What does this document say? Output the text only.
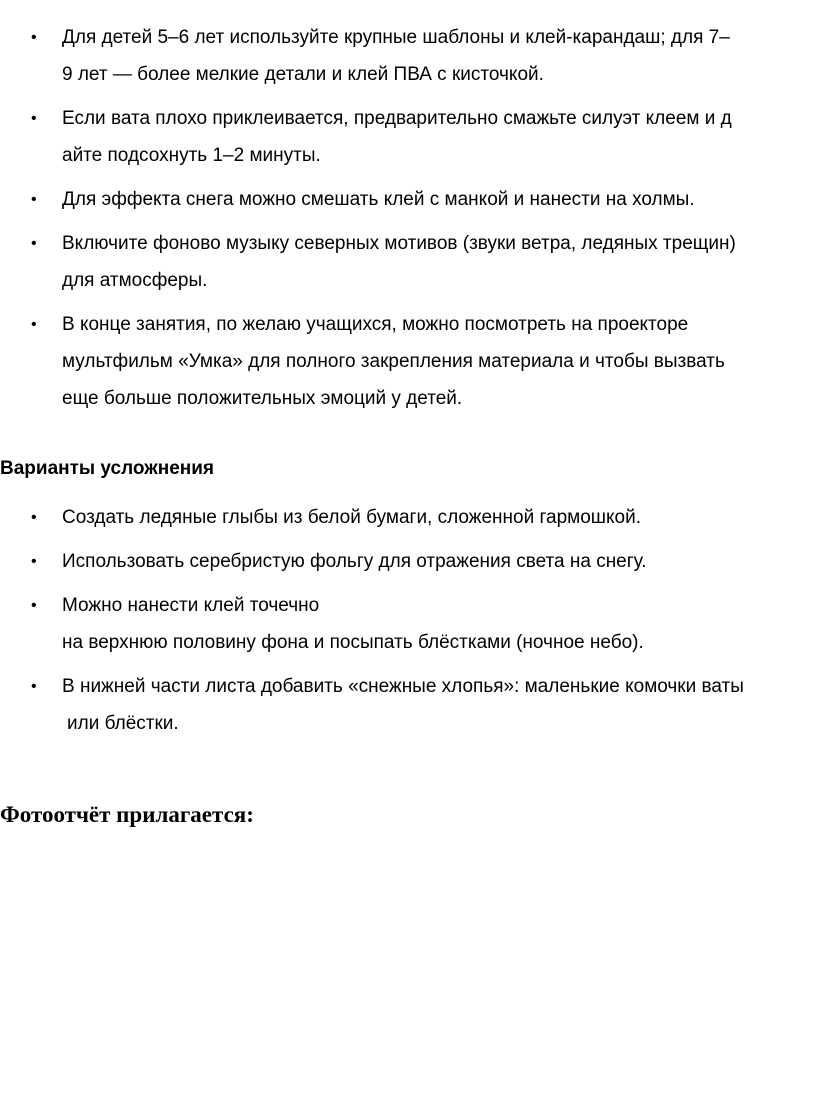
• Для детей 5–6 лет используйте крупные шаблоны и клей-карандаш; для 7–
9 лет — более мелкие детали и клей ПВА с кисточкой.
• Если вата плохо приклеивается, предварительно смажьте силуэт клеем и д
айте подсохнуть 1–2 минуты.
• Для эффекта снега можно смешать клей с манкой и нанести на холмы.
• Включите фоново музыку северных мотивов (звуки ветра, ледяных трещин)
для атмосферы.
• В конце занятия, по желаю учащихся, можно посмотреть на проекторе
мультфильм «Умка» для полного закрепления материала и чтобы вызвать
еще больше положительных эмоций у детей.
Варианты усложнения
• Создать ледяные глыбы из белой бумаги, сложенной гармошкой.
• Использовать серебристую фольгу для отражения света на снегу.
• Можно нанести клей точечно
на верхнюю половину фона и посыпать блёстками (ночное небо).
• В нижней части листа добавить «снежные хлопья»: маленькие комочки ваты
или блёстки.
Фотоотчёт прилагается:
